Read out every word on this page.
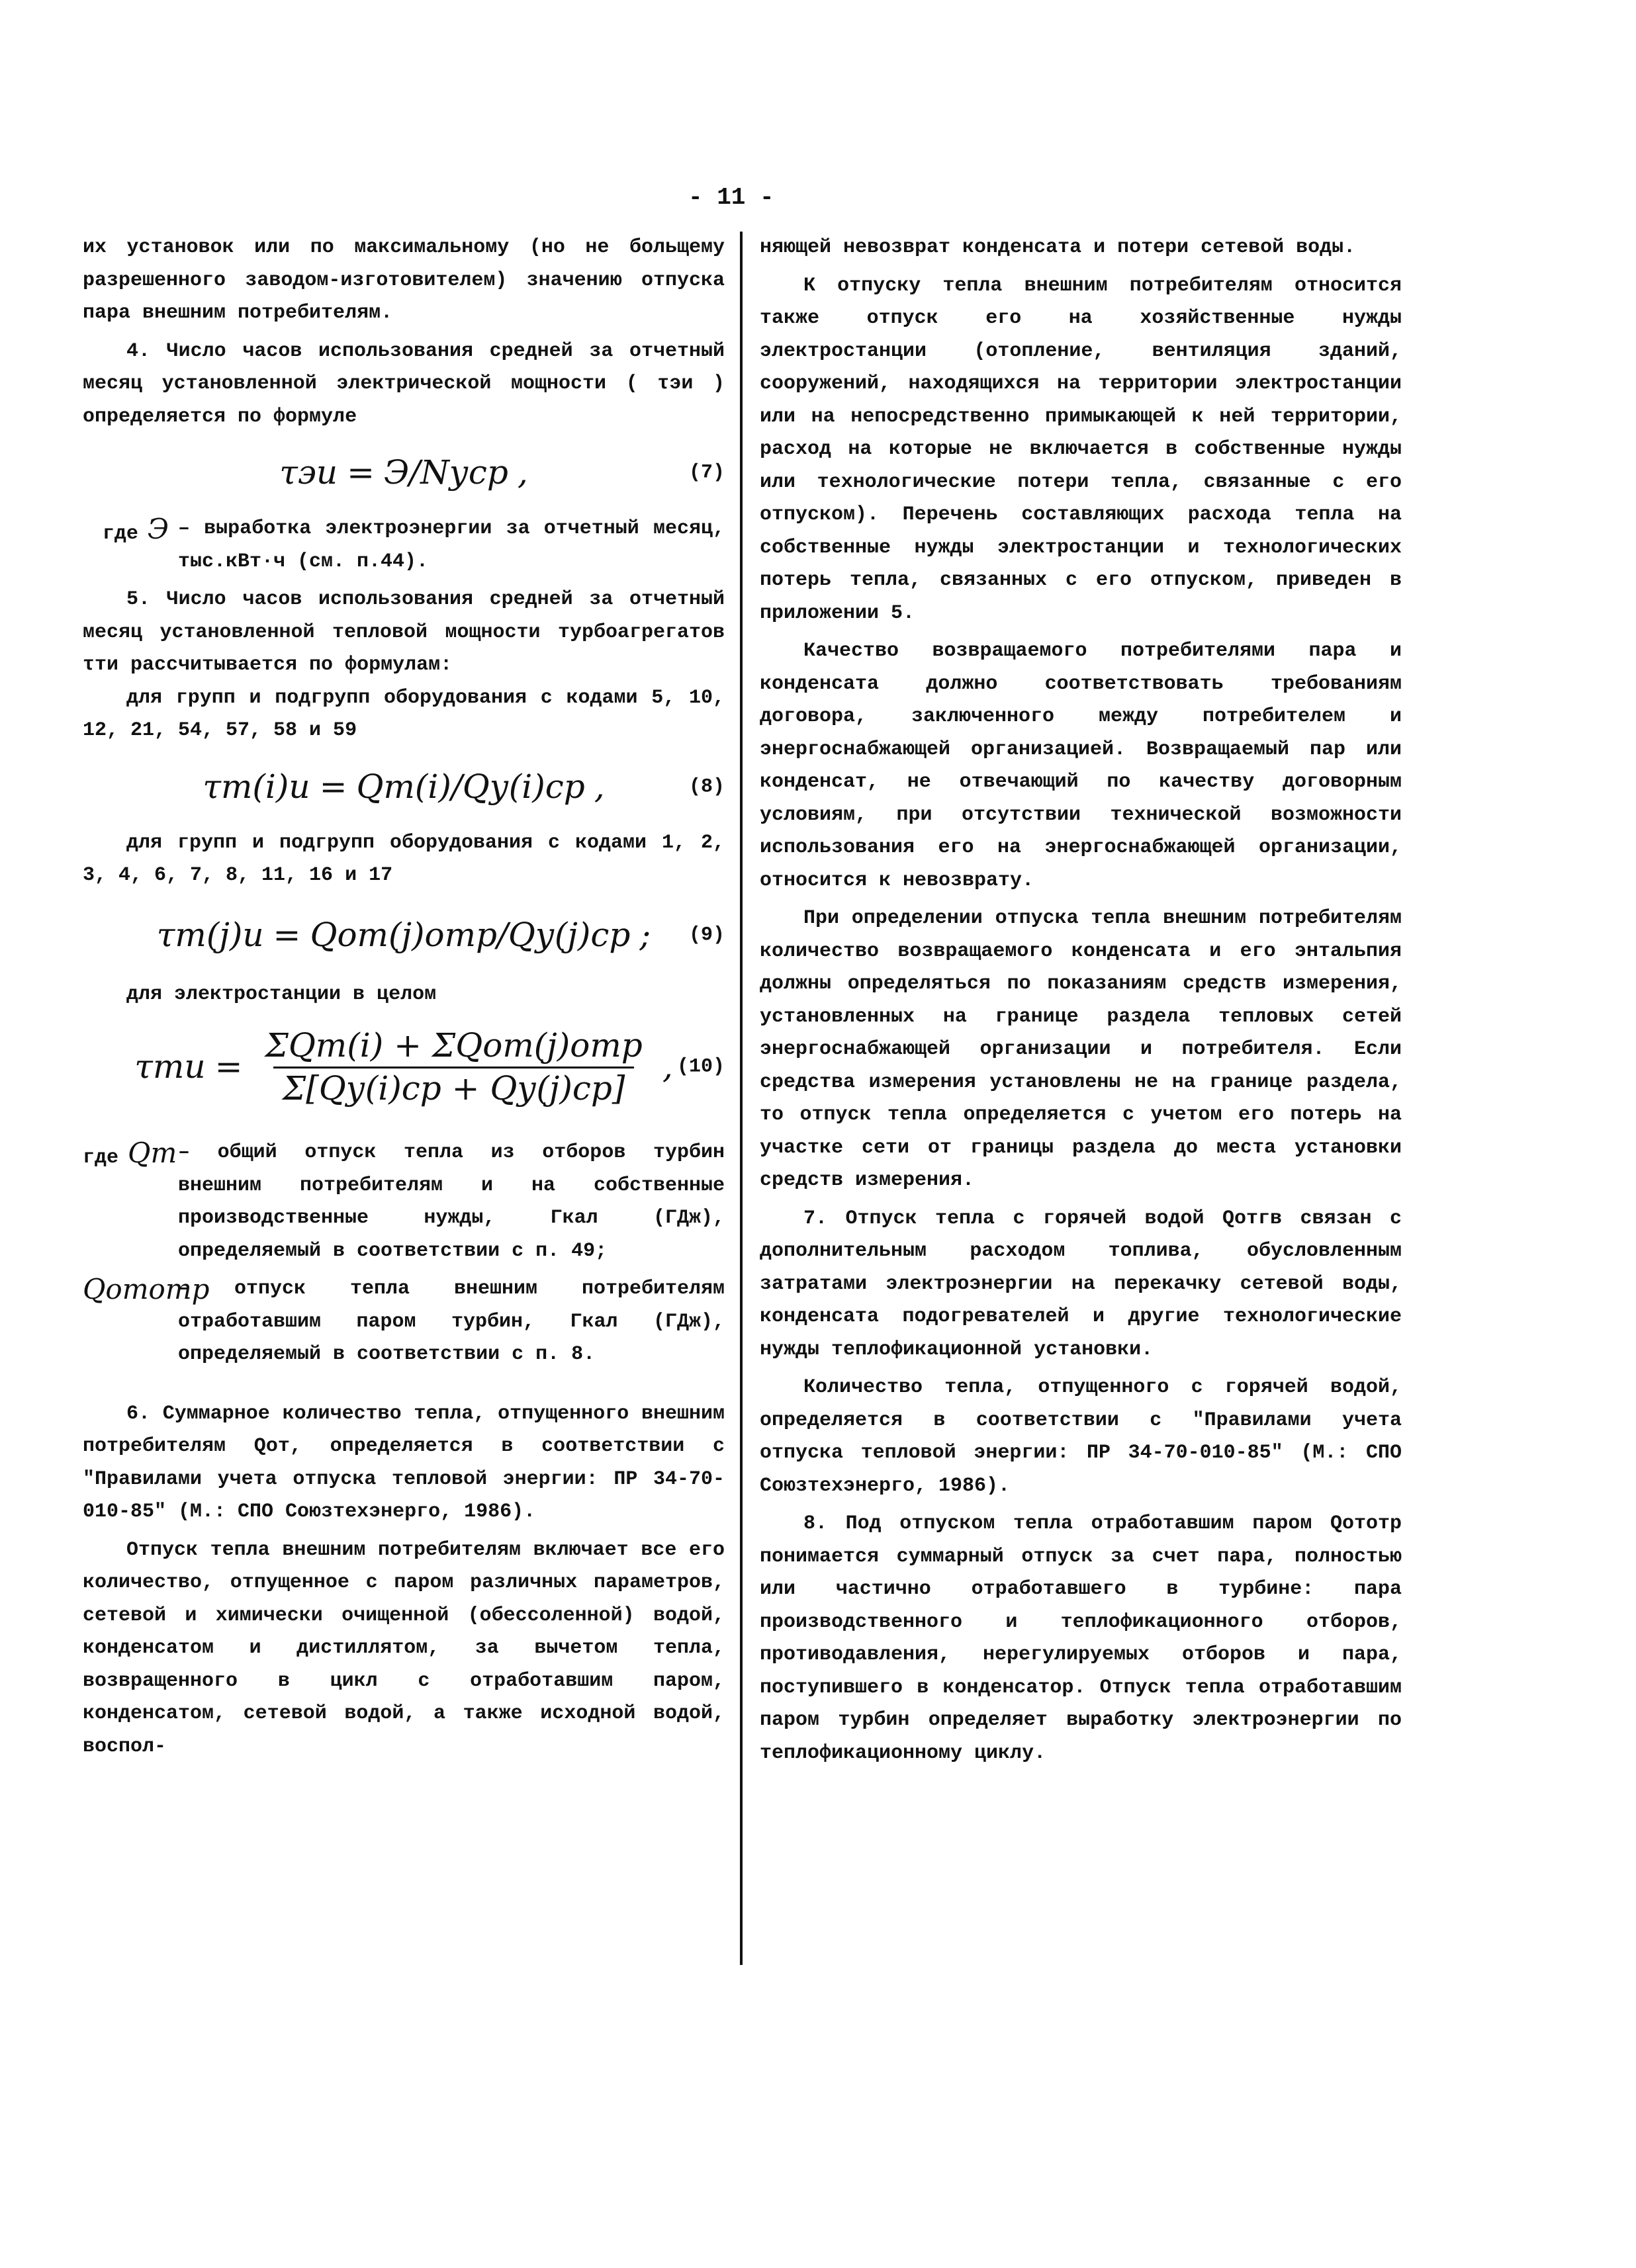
- 11 -

их установок или по максимальному (но не больщему разрешенного заводом-изготовителем) значению отпуска пара внешним потребителям.

4. Число часов использования средней за отчетный месяц установленной электрической мощности ( τэи ) определяется по формуле

τэи = Э/Nуср ,	(7)
где Э – выработка электроэнергии за отчетный месяц, тыс.кВт·ч (см. п.44).

5. Число часов использования средней за отчетный месяц установленной тепловой мощности турбоагрегатов τти рассчитывается по формулам:

для групп и подгрупп оборудования с кодами 5, 10, 12, 21, 54, 57, 58 и 59

τт(i)и = Qт(i)/Qу(i)ср ,	(8)

для групп и подгрупп оборудования с кодами 1, 2, 3, 4, 6, 7, 8, 11, 16 и 17

τт(j)и = Qот(j)отр/Qу(j)ср ; (9)

для электростанции в целом

$\tau ти = \frac{\text{ΣQт(i) + ΣQот(j)отр}}{\Sigma[Qу(i)ср + Qу(j)ср]}$ , (10)
где Qт – общий отпуск тепла из отборов турбин внешним потребителям и на собственные производственные нужды, Гкал (ГДж), определяемый в соответствии с п. 49;
Qототр
– отпуск тепла внешним потребителям отработавшим паром турбин, Гкал (ГДж), определяемый в соответствии с п. 8.

6. Суммарное количество тепла, отпущенного внешним потребителям Qот, определяется в соответствии с "Правилами учета отпуска тепловой энергии: ПР 34-70-010-85" (М.: СПО Союзтехэнерго, 1986).

Отпуск тепла внешним потребителям включает все его количество, отпущенное с паром различных параметров, сетевой и химически очищенной (обессоленной) водой, конденсатом и дистиллятом, за вычетом тепла, возвращенного в цикл с отработавшим паром, конденсатом, сетевой водой, а также исходной водой, воспол-

няющей невозврат конденсата и потери сетевой воды.

К отпуску тепла внешним потребителям относится также отпуск его на хозяйственные нужды электростанции (отопление, вентиляция зданий, сооружений, находящихся на территории электростанции или на непосредственно примыкающей к ней территории, расход на которые не включается в собственные нужды или технологические потери тепла, связанные с его отпуском). Перечень составляющих расхода тепла на собственные нужды электростанции и технологических потерь тепла, связанных с его отпуском, приведен в приложении 5.

Качество возвращаемого потребителями пара и конденсата должно соответствовать требованиям договора, заключенного между потребителем и энергоснабжающей организацией. Возвращаемый пар или конденсат, не отвечающий по качеству договорным условиям, при отсутствии технической возможности использования его на энергоснабжающей организации, относится к невозврату.

При определении отпуска тепла внешним потребителям количество возвращаемого конденсата и его энтальпия должны определяться по показаниям средств измерения, установленных на границе раздела тепловых сетей энергоснабжающей организации и потребителя. Если средства измерения установлены не на границе раздела, то отпуск тепла определяется с учетом его потерь на участке сети от границы раздела до места установки средств измерения.

7. Отпуск тепла с горячей водой Qотгв связан с дополнительным расходом топлива, обусловленным затратами электроэнергии на перекачку сетевой воды, конденсата подогревателей и другие технологические нужды теплофикационной установки.

Количество тепла, отпущенного с горячей водой, определяется в соответствии с "Правилами учета отпуска тепловой энергии: ПР 34-70-010-85" (М.: СПО Союзтехэнерго, 1986).

8. Под отпуском тепла отработавшим паром Qототр понимается суммарный отпуск за счет пара, полностью или частично отработавшего в турбине: пара производственного и теплофикационного отборов, противодавления, нерегулируемых отборов и пара, поступившего в конденсатор. Отпуск тепла отработавшим паром турбин определяет выработку электроэнергии по теплофикационному циклу.
